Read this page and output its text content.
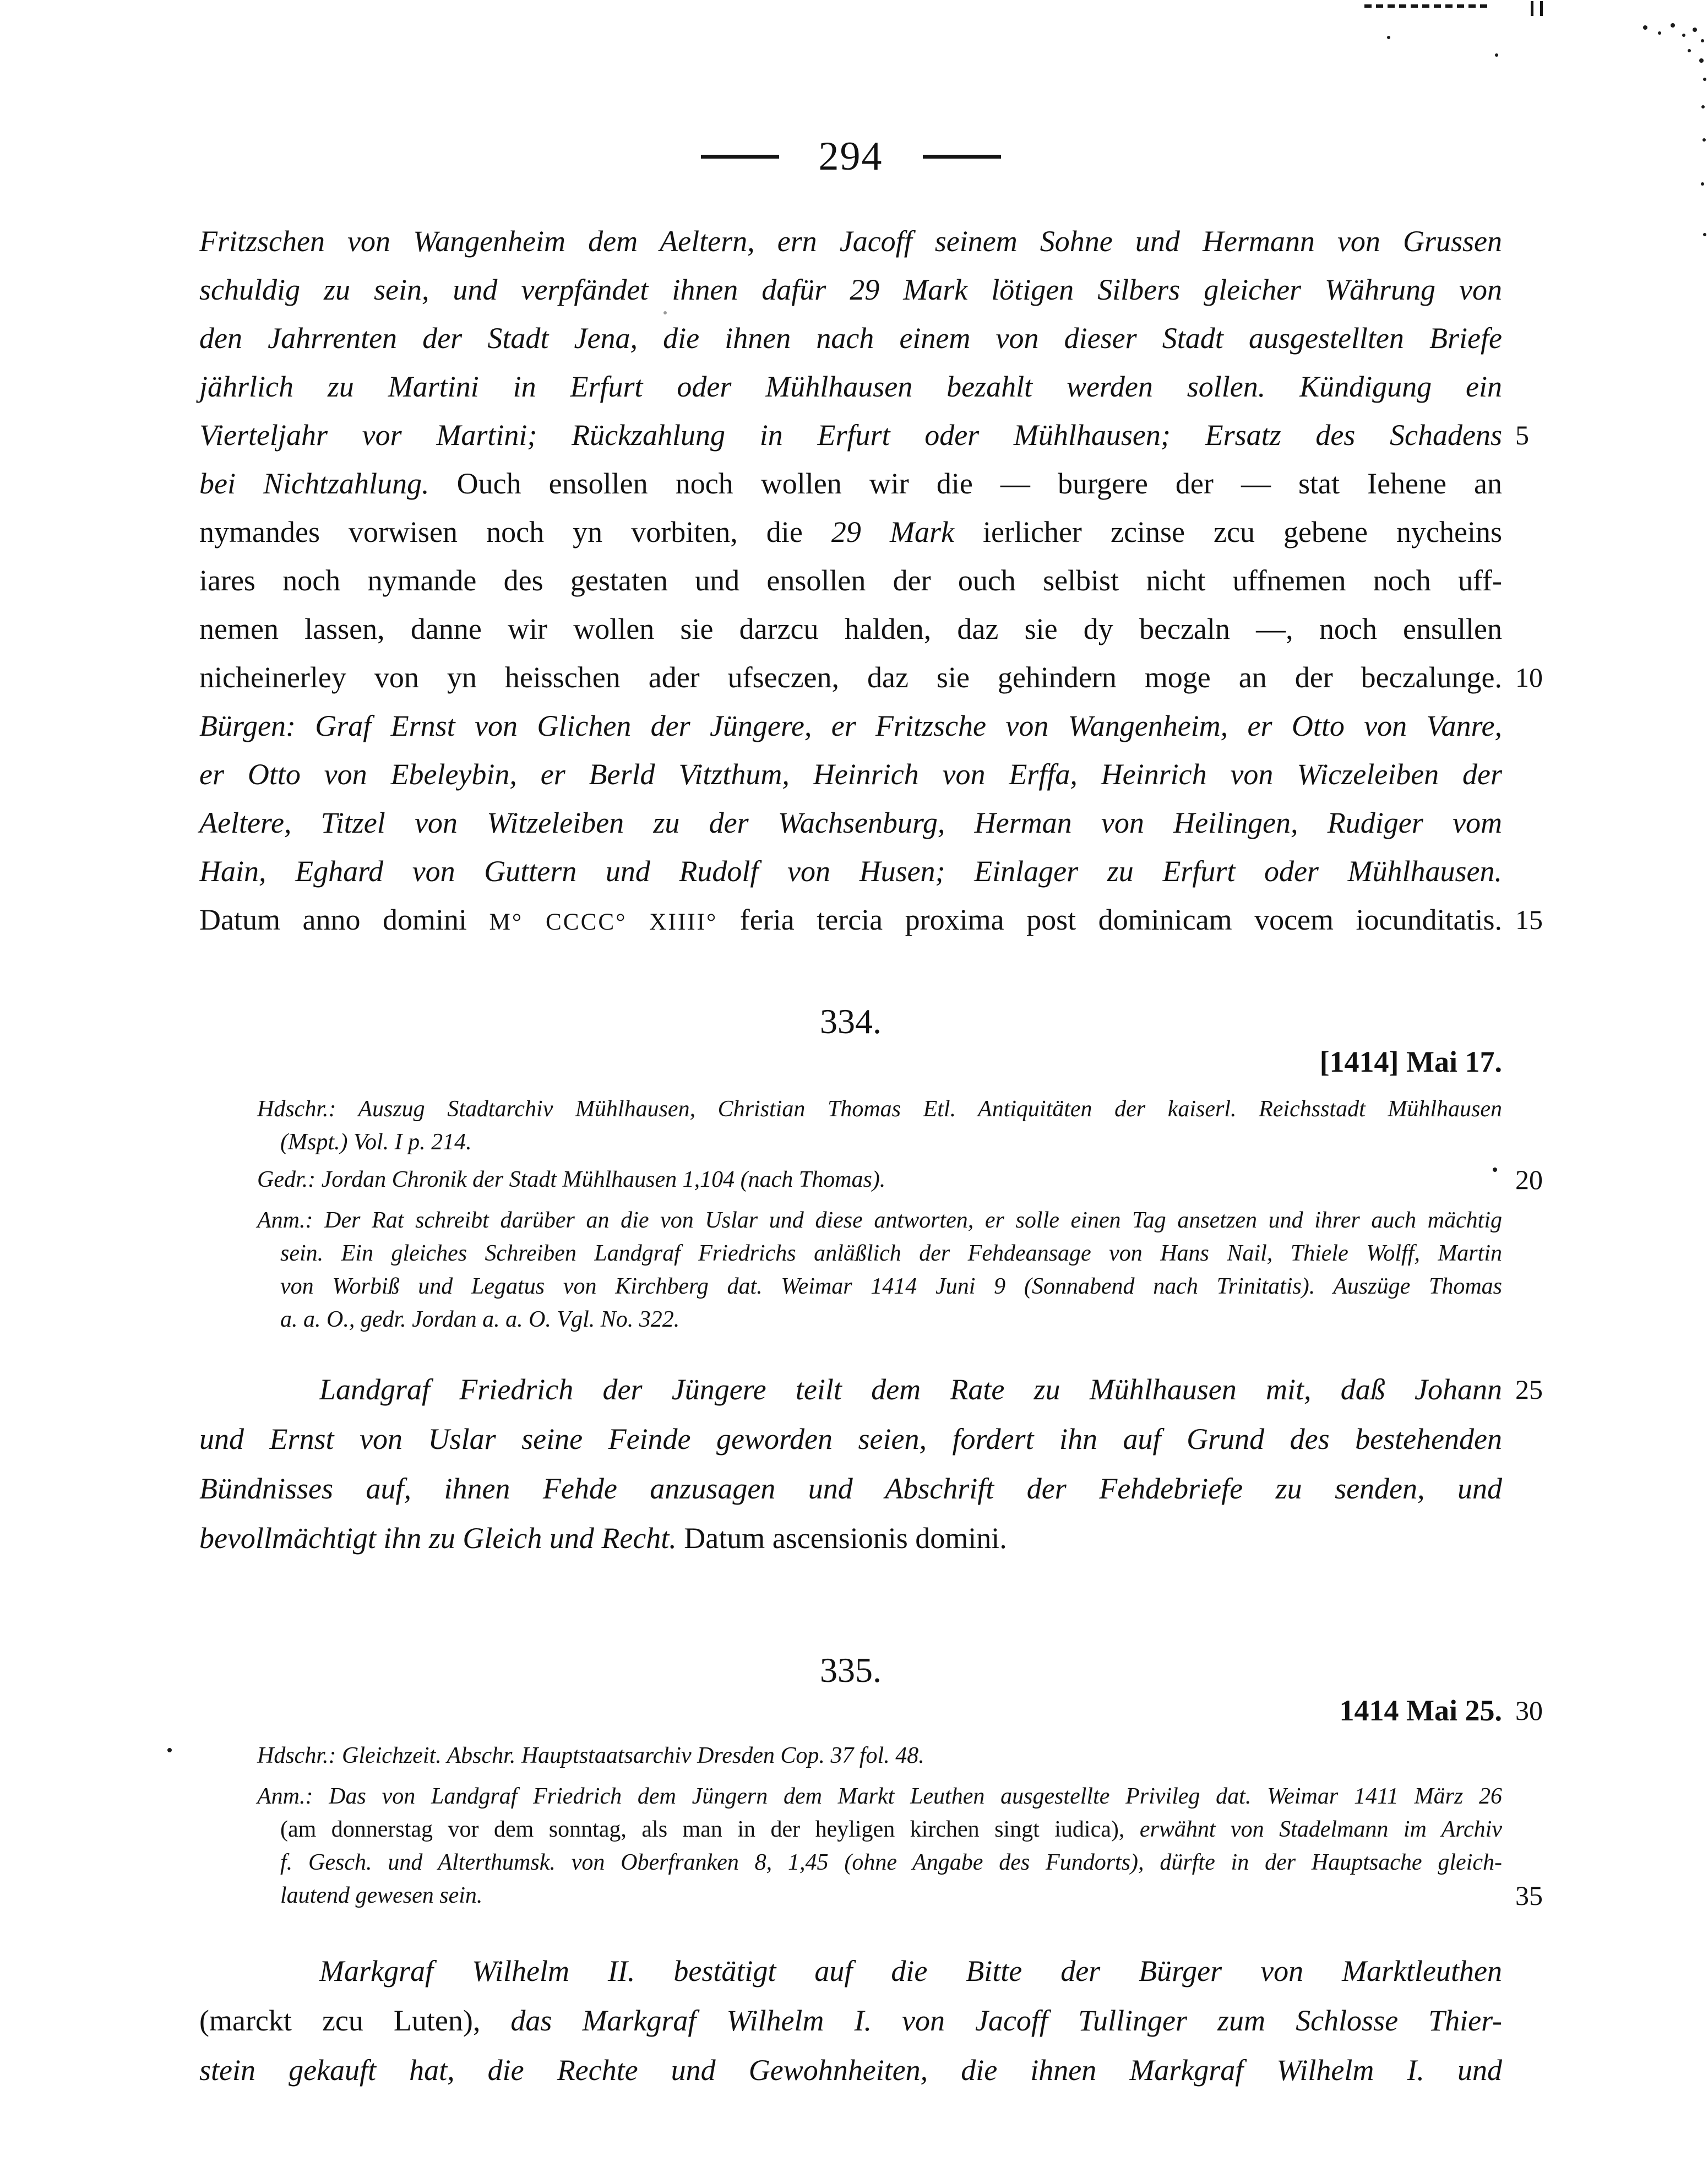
294
Fritzschen von Wangenheim dem Aeltern, ern Jacoff seinem Sohne und Hermann von Grussen
schuldig zu sein, und verpfändet ihnen dafür 29 Mark lötigen Silbers gleicher Währung von
den Jahrrenten der Stadt Jena, die ihnen nach einem von dieser Stadt ausgestellten Briefe
jährlich zu Martini in Erfurt oder Mühlhausen bezahlt werden sollen. Kündigung ein
5
Vierteljahr vor Martini; Rückzahlung in Erfurt oder Mühlhausen; Ersatz des Schadens
bei Nichtzahlung. Ouch ensollen noch wollen wir die — burgere der — stat Iehene an
nymandes vorwisen noch yn vorbiten, die 29 Mark ierlicher zcinse zcu gebene nycheins
iares noch nymande des gestaten und ensollen der ouch selbist nicht uffnemen noch uff-
nemen lassen, danne wir wollen sie darzcu halden, daz sie dy beczaln —, noch ensullen
10
nicheinerley von yn heisschen ader ufseczen, daz sie gehindern moge an der beczalunge.
Bürgen: Graf Ernst von Glichen der Jüngere, er Fritzsche von Wangenheim, er Otto von Vanre,
er Otto von Ebeleybin, er Berld Vitzthum, Heinrich von Erffa, Heinrich von Wiczeleiben der
Aeltere, Titzel von Witzeleiben zu der Wachsenburg, Herman von Heilingen, Rudiger vom
Hain, Eghard von Guttern und Rudolf von Husen; Einlager zu Erfurt oder Mühlhausen.
15
Datum anno domini M° CCCC° XIIII° feria tercia proxima post dominicam vocem iocunditatis.
334.
[1414] Mai 17.
Hdschr.: Auszug Stadtarchiv Mühlhausen, Christian Thomas Etl. Antiquitäten der kaiserl. Reichsstadt Mühlhausen
(Mspt.) Vol. I p. 214.
20
Gedr.: Jordan Chronik der Stadt Mühlhausen 1,104 (nach Thomas).
Anm.: Der Rat schreibt darüber an die von Uslar und diese antworten, er solle einen Tag ansetzen und ihrer auch mächtig
sein. Ein gleiches Schreiben Landgraf Friedrichs anläßlich der Fehdeansage von Hans Nail, Thiele Wolff, Martin
von Worbiß und Legatus von Kirchberg dat. Weimar 1414 Juni 9 (Sonnabend nach Trinitatis). Auszüge Thomas
a. a. O., gedr. Jordan a. a. O. Vgl. No. 322.
25
Landgraf Friedrich der Jüngere teilt dem Rate zu Mühlhausen mit, daß Johann
und Ernst von Uslar seine Feinde geworden seien, fordert ihn auf Grund des bestehenden
Bündnisses auf, ihnen Fehde anzusagen und Abschrift der Fehdebriefe zu senden, und
bevollmächtigt ihn zu Gleich und Recht. Datum ascensionis domini.
335.
1414 Mai 25. 30
Hdschr.: Gleichzeit. Abschr. Hauptstaatsarchiv Dresden Cop. 37 fol. 48.
Anm.: Das von Landgraf Friedrich dem Jüngern dem Markt Leuthen ausgestellte Privileg dat. Weimar 1411 März 26
(am donnerstag vor dem sonntag, als man in der heyligen kirchen singt iudica), erwähnt von Stadelmann im Archiv
f. Gesch. und Alterthumsk. von Oberfranken 8, 1,45 (ohne Angabe des Fundorts), dürfte in der Hauptsache gleich-
35
lautend gewesen sein.
Markgraf Wilhelm II. bestätigt auf die Bitte der Bürger von Marktleuthen
(marckt zcu Luten), das Markgraf Wilhelm I. von Jacoff Tullinger zum Schlosse Thier-
stein gekauft hat, die Rechte und Gewohnheiten, die ihnen Markgraf Wilhelm I. und
